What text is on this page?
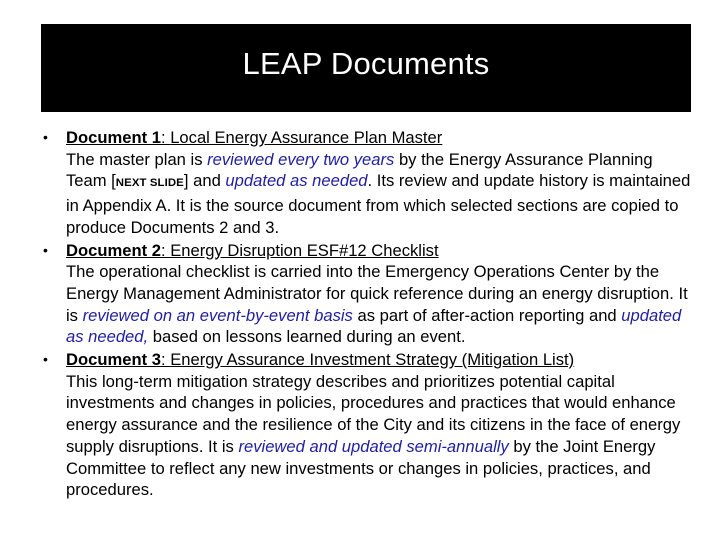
LEAP Documents
•	Document 1: Local Energy Assurance Plan Master
The master plan is reviewed every two years by the Energy Assurance Planning Team [NEXT SLIDE] and updated as needed. Its review and update history is maintained in Appendix A. It is the source document from which selected sections are copied to produce Documents 2 and 3.
•	Document 2: Energy Disruption ESF#12 Checklist
The operational checklist is carried into the Emergency Operations Center by the Energy Management Administrator for quick reference during an energy disruption. It is reviewed on an event-by-event basis as part of after-action reporting and updated as needed, based on lessons learned during an event.
•	Document 3: Energy Assurance Investment Strategy (Mitigation List)
This long-term mitigation strategy describes and prioritizes potential capital investments and changes in policies, procedures and practices that would enhance energy assurance and the resilience of the City and its citizens in the face of energy supply disruptions. It is reviewed and updated semi-annually by the Joint Energy Committee to reflect any new investments or changes in policies, practices, and procedures.
